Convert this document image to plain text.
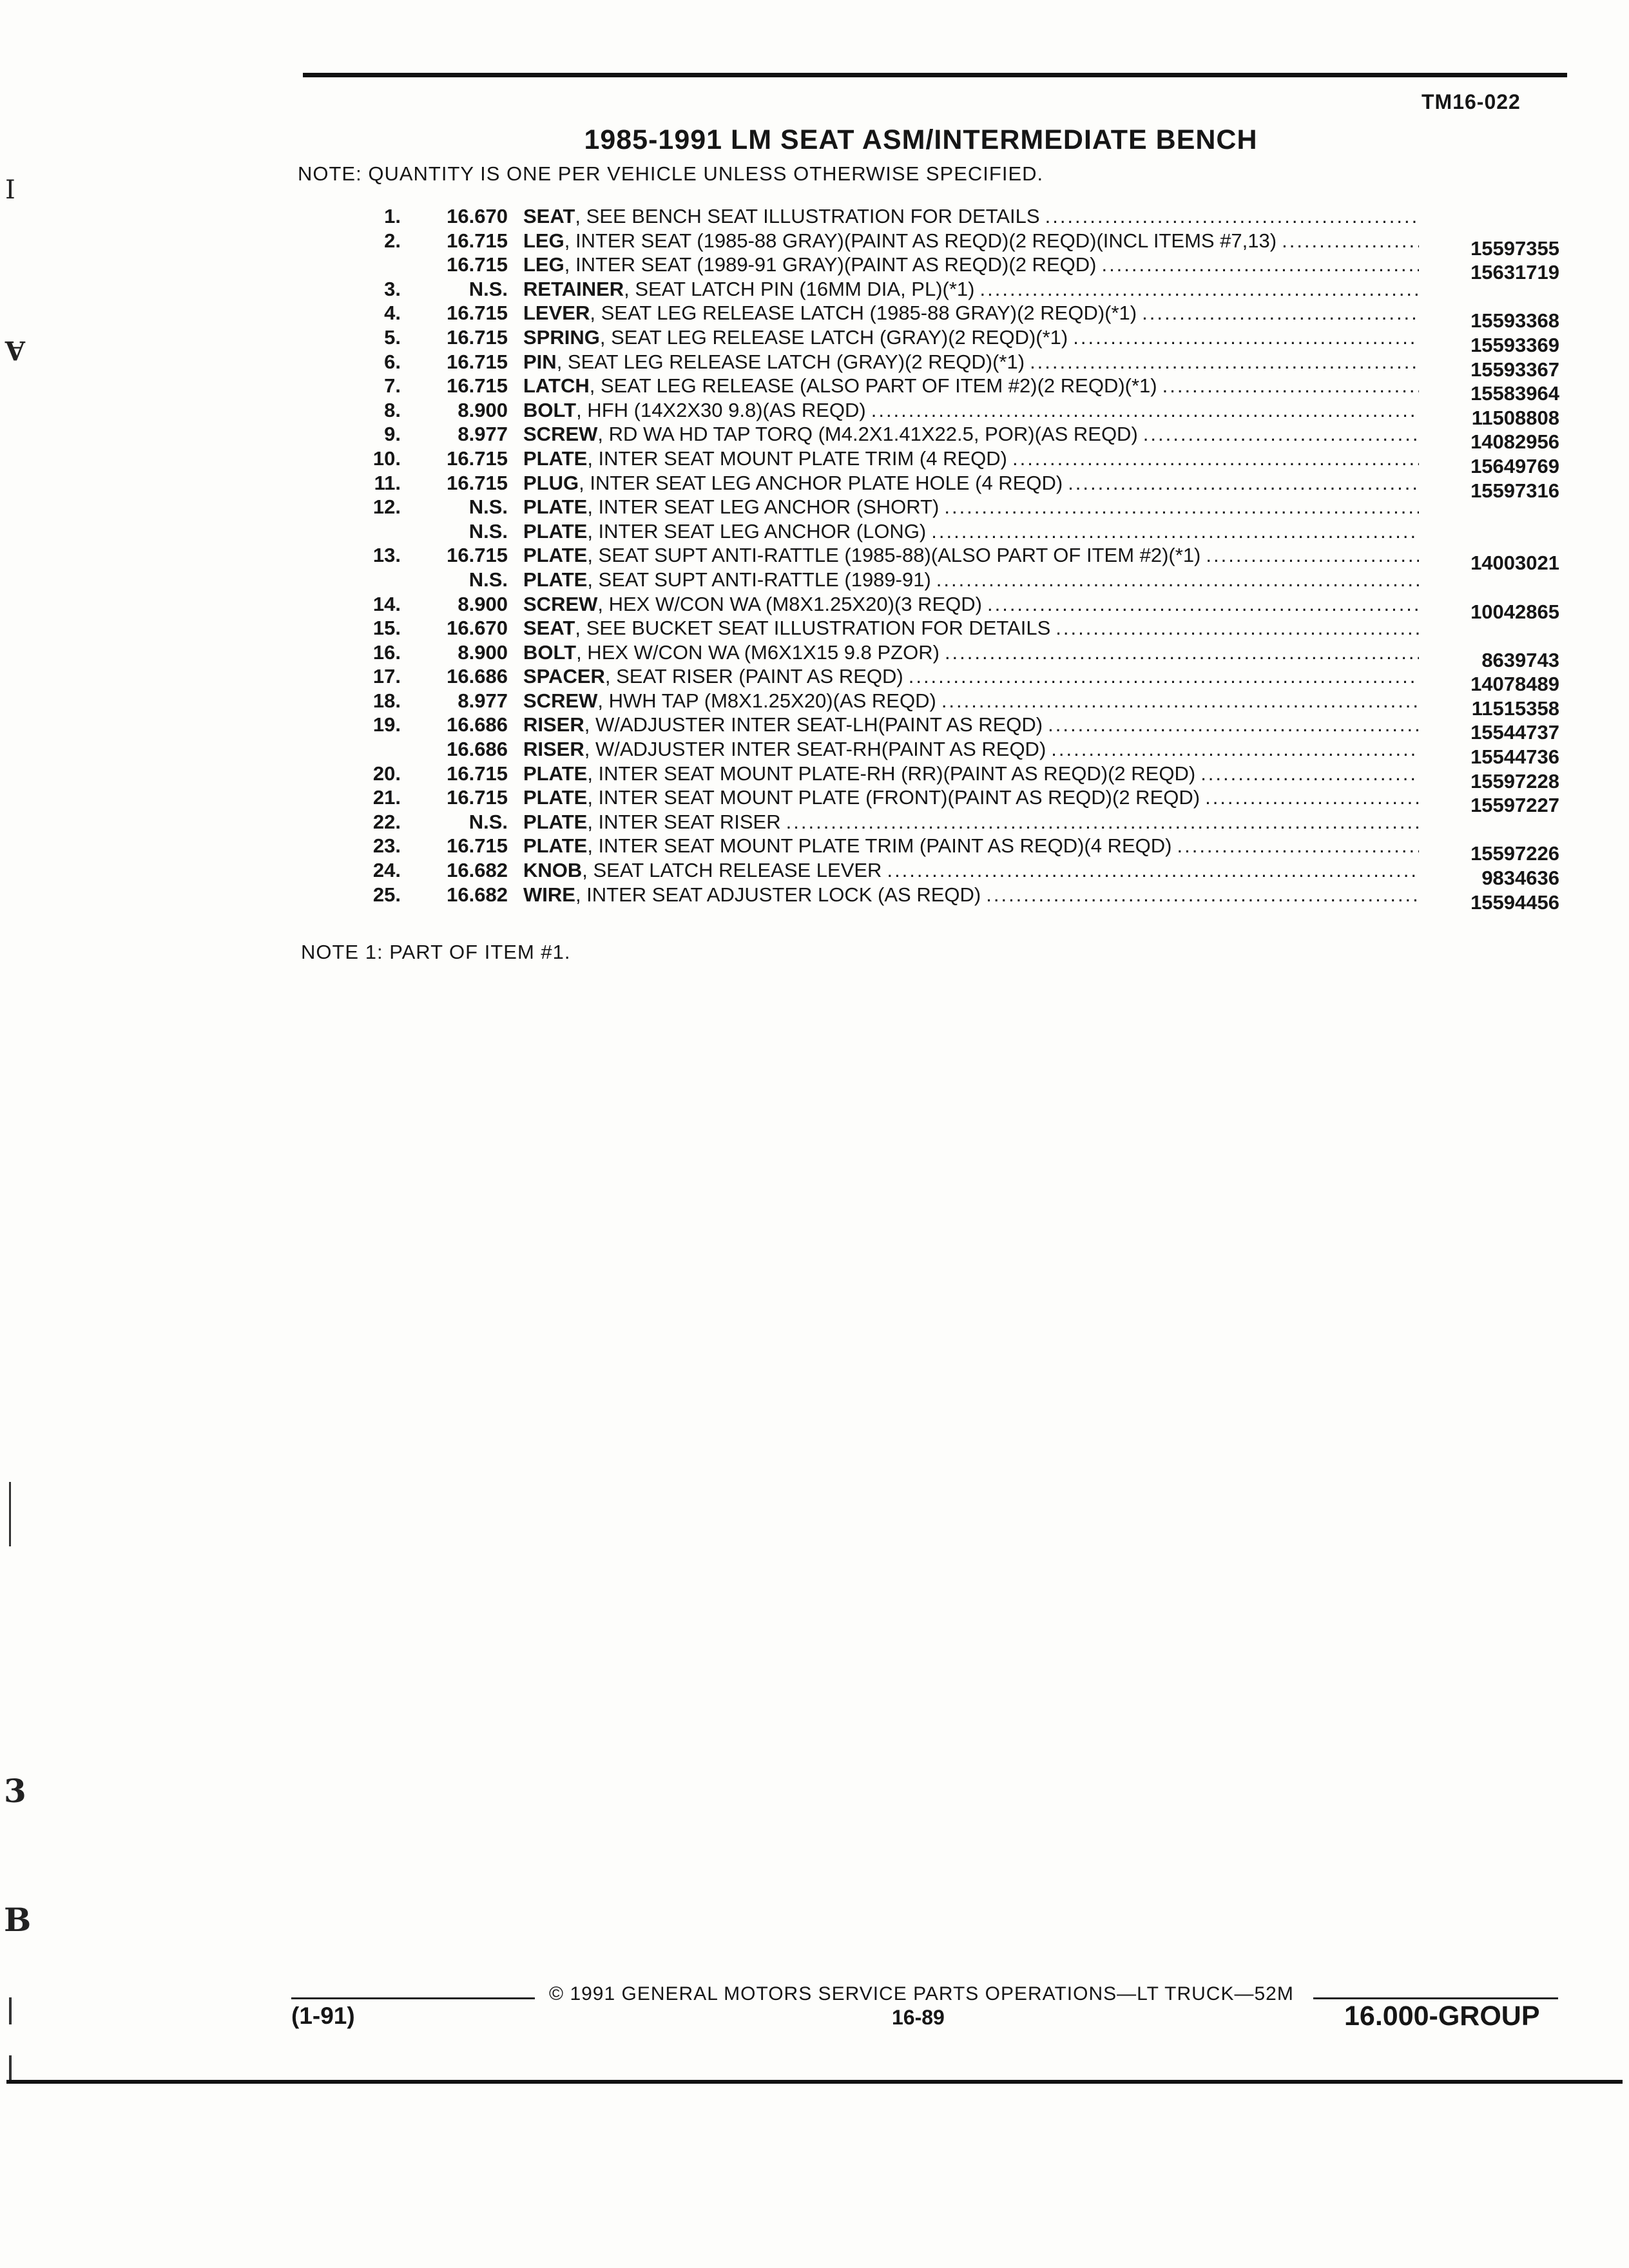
TM16-022
1985-1991 LM SEAT ASM/INTERMEDIATE BENCH
NOTE: QUANTITY IS ONE PER VEHICLE UNLESS OTHERWISE SPECIFIED.
1.	16.670 SEAT, SEE BENCH SEAT ILLUSTRATION FOR DETAILS
.....
2.	16.715 LEG, INTER SEAT (1985-88 GRAY)(PAINT AS REQD)(2 REQD)(INCL ITEMS #7,13) .....	15597355
16.715 LEG, INTER SEAT (1989-91 GRAY)(PAINT AS REQD)(2 REQD) .....	15631719
3.	N.S. RETAINER, SEAT LATCH PIN (16MM DIA, PL)(*1)
.....
4.	16.715 LEVER, SEAT LEG RELEASE LATCH (1985-88 GRAY)(2 REQD)(*1) .....	15593368
5.	16.715 SPRING, SEAT LEG RELEASE LATCH (GRAY)(2 REQD)(*1) .....	15593369
6.	16.715 PIN, SEAT LEG RELEASE LATCH (GRAY)(2 REQD)(*1) .....	15593367
7.	16.715 LATCH, SEAT LEG RELEASE (ALSO PART OF ITEM #2)(2 REQD)(*1) .....	15583964
8.	8.900 BOLT, HFH (14X2X30 9.8)(AS REQD) .....	11508808
9.	8.977 SCREW, RD WA HD TAP TORQ (M4.2X1.41X22.5, POR)(AS REQD) .....	14082956
10.	16.715 PLATE, INTER SEAT MOUNT PLATE TRIM (4 REQD) .....	15649769
11.	16.715 PLUG, INTER SEAT LEG ANCHOR PLATE HOLE (4 REQD) .....	15597316
12.	N.S. PLATE, INTER SEAT LEG ANCHOR (SHORT)
.....
N.S. PLATE, INTER SEAT LEG ANCHOR (LONG)
.....
13.	16.715 PLATE, SEAT SUPT ANTI-RATTLE (1985-88)(ALSO PART OF ITEM #2)(*1) .....	14003021
N.S. PLATE, SEAT SUPT ANTI-RATTLE (1989-91)
.....
14.	8.900 SCREW, HEX W/CON WA (M8X1.25X20)(3 REQD) .....	10042865
15.	16.670 SEAT, SEE BUCKET SEAT ILLUSTRATION FOR DETAILS
.....
16.	8.900 BOLT, HEX W/CON WA (M6X1X15 9.8 PZOR) .....	8639743
17.	16.686 SPACER, SEAT RISER (PAINT AS REQD) .....	14078489
18.	8.977 SCREW, HWH TAP (M8X1.25X20)(AS REQD) .....	11515358
19.	16.686 RISER, W/ADJUSTER INTER SEAT-LH(PAINT AS REQD) .....	15544737
16.686 RISER, W/ADJUSTER INTER SEAT-RH(PAINT AS REQD) .....	15544736
20.	16.715 PLATE, INTER SEAT MOUNT PLATE-RH (RR)(PAINT AS REQD)(2 REQD) .....	15597228
21.	16.715 PLATE, INTER SEAT MOUNT PLATE (FRONT)(PAINT AS REQD)(2 REQD) .....	15597227
22.	N.S. PLATE, INTER SEAT RISER
.....
23.	16.715 PLATE, INTER SEAT MOUNT PLATE TRIM (PAINT AS REQD)(4 REQD) .....	15597226
24.	16.682 KNOB, SEAT LATCH RELEASE LEVER .....	9834636
25.	16.682 WIRE, INTER SEAT ADJUSTER LOCK (AS REQD) .....	15594456
NOTE 1: PART OF ITEM #1.
I
A
3
B
© 1991 GENERAL MOTORS SERVICE PARTS OPERATIONS—LT TRUCK—52M
(1-91)	16-89	16.000-GROUP
